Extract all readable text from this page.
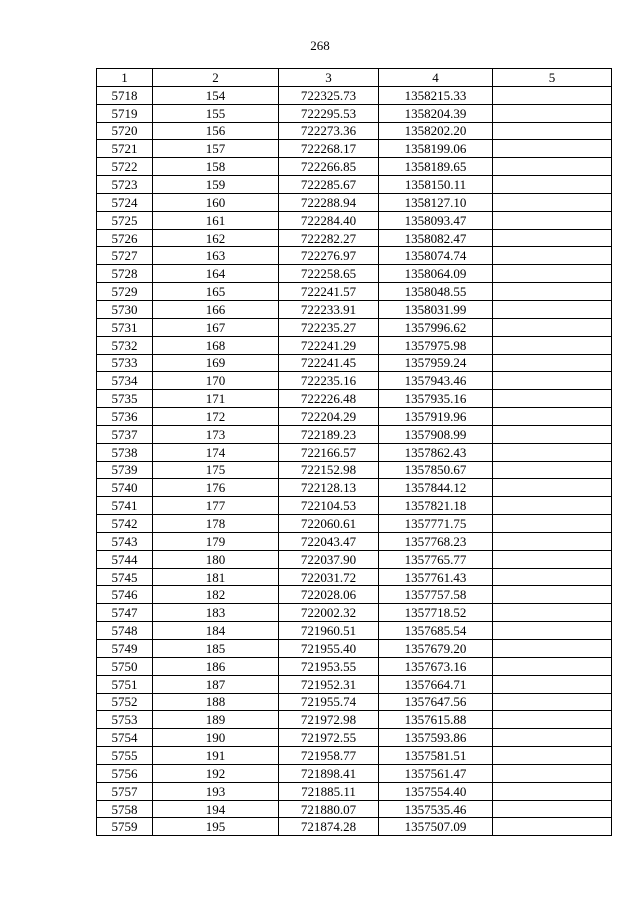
268
1	2	3	4	5
5718	154	722325.73	1358215.33	
5719	155	722295.53	1358204.39	
5720	156	722273.36	1358202.20	
5721	157	722268.17	1358199.06	
5722	158	722266.85	1358189.65	
5723	159	722285.67	1358150.11	
5724	160	722288.94	1358127.10	
5725	161	722284.40	1358093.47	
5726	162	722282.27	1358082.47	
5727	163	722276.97	1358074.74	
5728	164	722258.65	1358064.09	
5729	165	722241.57	1358048.55	
5730	166	722233.91	1358031.99	
5731	167	722235.27	1357996.62	
5732	168	722241.29	1357975.98	
5733	169	722241.45	1357959.24	
5734	170	722235.16	1357943.46	
5735	171	722226.48	1357935.16	
5736	172	722204.29	1357919.96	
5737	173	722189.23	1357908.99	
5738	174	722166.57	1357862.43	
5739	175	722152.98	1357850.67	
5740	176	722128.13	1357844.12	
5741	177	722104.53	1357821.18	
5742	178	722060.61	1357771.75	
5743	179	722043.47	1357768.23	
5744	180	722037.90	1357765.77	
5745	181	722031.72	1357761.43	
5746	182	722028.06	1357757.58	
5747	183	722002.32	1357718.52	
5748	184	721960.51	1357685.54	
5749	185	721955.40	1357679.20	
5750	186	721953.55	1357673.16	
5751	187	721952.31	1357664.71	
5752	188	721955.74	1357647.56	
5753	189	721972.98	1357615.88	
5754	190	721972.55	1357593.86	
5755	191	721958.77	1357581.51	
5756	192	721898.41	1357561.47	
5757	193	721885.11	1357554.40	
5758	194	721880.07	1357535.46	
5759	195	721874.28	1357507.09	
